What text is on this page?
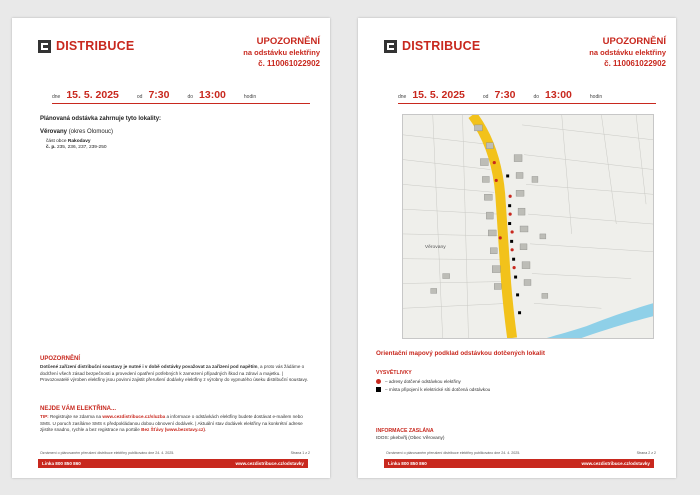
DISTRIBUCE	UPOZORNĚNÍ
na odstávku elektřiny
č. 110061022902
dne 15. 5. 2025	od 7:30	do 13:00	hodin
Plánovaná odstávka zahrnuje tyto lokality:
Věrovany (okres Olomouc)
část obce Rakodavy
č. p. 235, 236, 237, 239-250
UPOZORNĚNÍ
Dotčené zařízení distribuční soustavy je nutné i v době odstávky považovat za zařízení pod napětím, a proto vás žádáme o dodržení všech zásad bezpečnosti a provedení opatření potřebných k zamezení případných škod na zdraví a majetku. | Provozovatelé výroben elektřiny jsou povinni zajistit přerušení dodávky elektřiny z výrobny do vypnutého úseku distribuční soustavy.
NEJDE VÁM ELEKTŘINA...
TIP: Registrujte se zdarma na www.cezdistribuce.cz/sluzba a informace o odstávkách elektřiny budete dostávat e-mailem nebo SMS. U poruch zasíláme SMS s předpokládanou dobou obnovení dodávek. | Aktuální stav dodávek elektřiny na konkrétní adrese zjistíte snadno, rychle a bez registrace na portále Bez Šťávy (www.bezstavy.cz).
Oznámení o plánovaném přerušení distribuce elektřiny publikováno dne 24. 4. 2025.	Strana 1 z 2
Linka 800 850 860	www.cezdistribuce.cz/odstavky
DISTRIBUCE	UPOZORNĚNÍ
na odstávku elektřiny
č. 110061022902
dne 15. 5. 2025	od 7:30	do 13:00	hodin
Věrovany
Orientační mapový podklad odstávkou dotčených lokalit
VYSVĚTLIVKY
– adresy dotčené odstávkou elektřiny
– místa připojení k elektrické síti dotčená odstávkou
INFORMACE ZASLÁNA
IDOS: pkebvřlj (Obec Věrovany)
Oznámení o plánovaném přerušení distribuce elektřiny publikováno dne 24. 4. 2025.	Strana 2 z 2
Linka 800 850 860	www.cezdistribuce.cz/odstavky
